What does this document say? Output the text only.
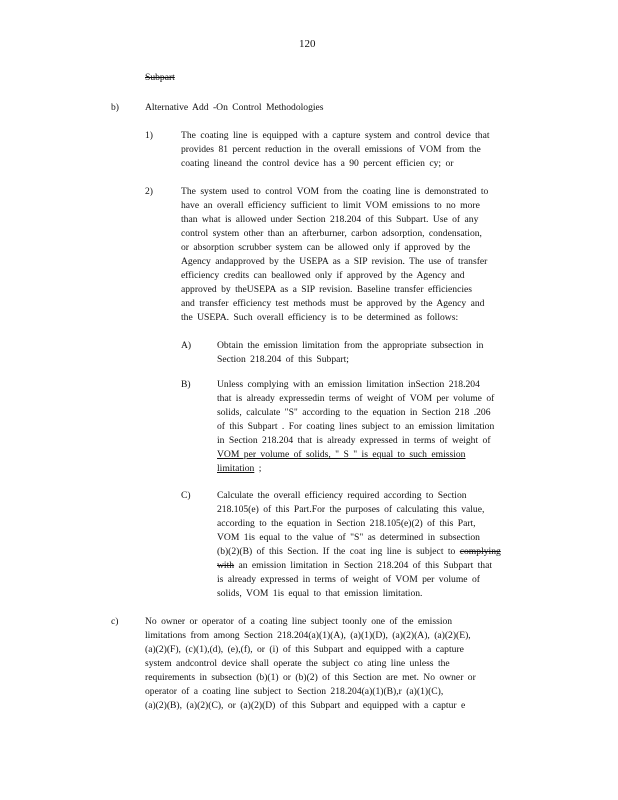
120
Subpart
b)	Alternative Add -On Control Methodologies
1)	The coating line is equipped with a capture system and control device that
provides 81 percent reduction in the overall emissions of VOM from the
coating lineand the control device has a 90 percent efficien cy; or
2)	The system used to control VOM from the coating line is demonstrated to
have an overall efficiency sufficient to limit VOM emissions to no more
than what is allowed under Section 218.204 of this Subpart. Use of any
control system other than an afterburner, carbon adsorption, condensation,
or absorption scrubber system can be allowed only if approved by the
Agency andapproved by the USEPA as a SIP revision. The use of transfer
efficiency credits can beallowed only if approved by the Agency and
approved by theUSEPA as a SIP revision. Baseline transfer efficiencies
and transfer efficiency test methods must be approved by the Agency and
the USEPA. Such overall efficiency is to be determined as follows:
A)	Obtain the emission limitation from the appropriate subsection in
Section 218.204 of this Subpart;
B)	Unless complying with an emission limitation inSection 218.204
that is already expressedin terms of weight of VOM per volume of
solids, calculate "S" according to the equation in Section 218 .206
of this Subpart . For coating lines subject to an emission limitation
in Section 218.204 that is already expressed in terms of weight of
VOM per volume of solids, " S " is equal to such emission
limitation ;
C)	Calculate the overall efficiency required according to Section
218.105(e) of this Part.For the purposes of calculating this value,
according to the equation in Section 218.105(e)(2) of this Part,
VOM 1is equal to the value of "S" as determined in subsection
(b)(2)(B) of this Section. If the coat ing line is subject to complying
with an emission limitation in Section 218.204 of this Subpart that
is already expressed in terms of weight of VOM per volume of
solids, VOM 1is equal to that emission limitation.
c)	No owner or operator of a coating line subject toonly one of the emission
limitations from among Section 218.204(a)(1)(A), (a)(1)(D), (a)(2)(A), (a)(2)(E),
(a)(2)(F), (c)(1),(d), (e),(f), or (i) of this Subpart and equipped with a capture
system andcontrol device shall operate the subject co ating line unless the
requirements in subsection (b)(1) or (b)(2) of this Section are met. No owner or
operator of a coating line subject to Section 218.204(a)(1)(B),r (a)(1)(C),
(a)(2)(B), (a)(2)(C), or (a)(2)(D) of this Subpart and equipped with a captur e
